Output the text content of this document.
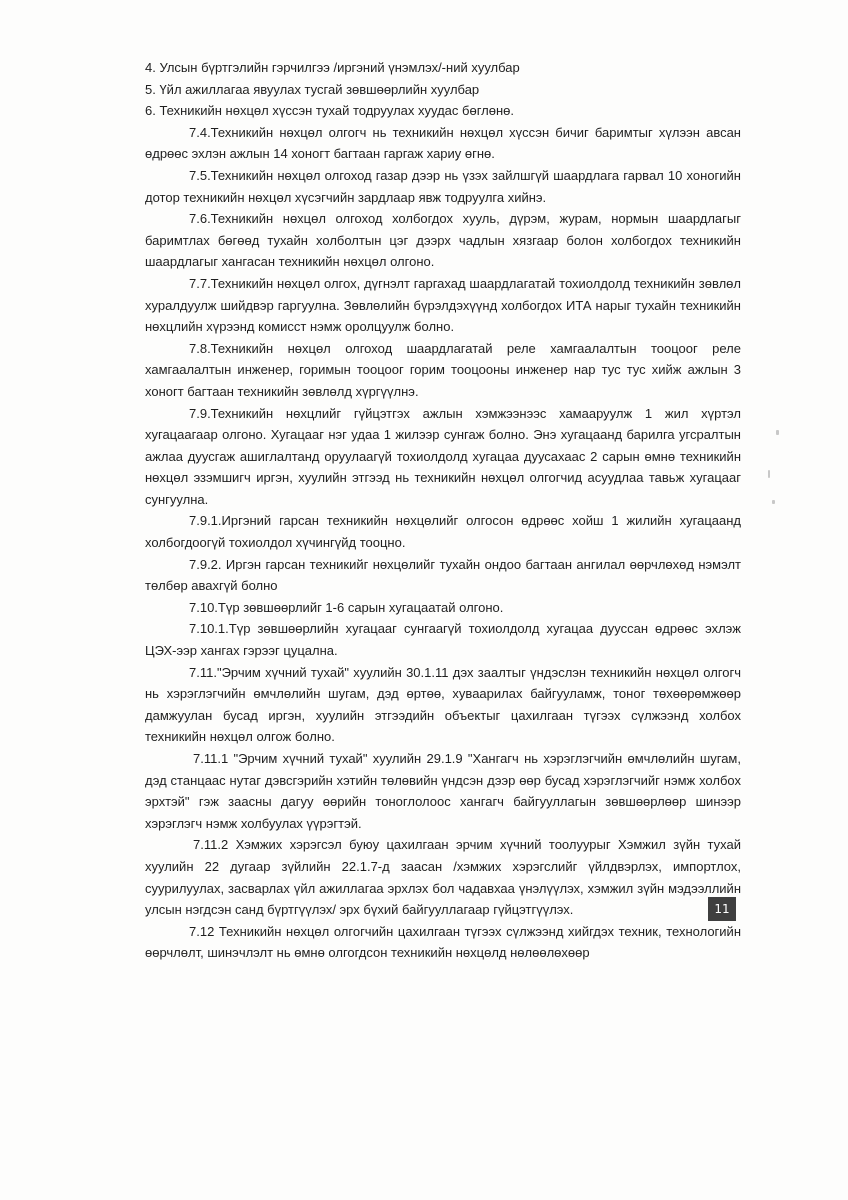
4. Улсын бүртгэлийн гэрчилгээ /иргэний үнэмлэх/-ний хуулбар

5. Үйл ажиллагаа явуулах тусгай зөвшөөрлийн хуулбар

6. Техникийн нөхцөл хүссэн тухай тодруулах хуудас бөглөнө.

7.4.Техникийн нөхцөл олгогч нь техникийн нөхцөл хүссэн бичиг баримтыг хүлээн авсан өдрөөс эхлэн ажлын 14 хоногт багтаан гаргаж хариу өгнө.

7.5.Техникийн нөхцөл олгоход газар дээр нь үзэх зайлшгүй шаардлага гарвал 10 хоногийн дотор техникийн нөхцөл хүсэгчийн зардлаар явж тодруулга хийнэ.

7.6.Техникийн нөхцөл олгоход холбогдох хууль, дүрэм, журам, нормын шаардлагыг баримтлах бөгөөд тухайн холболтын цэг дээрх чадлын хязгаар болон холбогдох техникийн шаардлагыг хангасан техникийн нөхцөл олгоно.

7.7.Техникийн нөхцөл олгох, дүгнэлт гаргахад шаардлагатай тохиолдолд техникийн зөвлөл хуралдуулж шийдвэр гаргуулна. Зөвлөлийн бүрэлдэхүүнд холбогдох ИТА нарыг тухайн техникийн нөхцлийн хүрээнд комисст нэмж оролцуулж болно.

7.8.Техникийн нөхцөл олгоход шаардлагатай реле хамгаалалтын тооцоог реле хамгаалалтын инженер, горимын тооцоог горим тооцооны инженер нар тус тус хийж ажлын 3 хоногт багтаан техникийн зөвлөлд хүргүүлнэ.

7.9.Техникийн нөхцлийг гүйцэтгэх ажлын хэмжээнээс хамааруулж 1 жил хүртэл хугацаагаар олгоно. Хугацааг нэг удаа 1 жилээр сунгаж болно. Энэ хугацаанд барилга угсралтын ажлаа дуусгаж ашиглалтанд оруулаагүй тохиолдолд хугацаа дуусахаас 2 сарын өмнө техникийн нөхцөл эзэмшигч иргэн, хуулийн этгээд нь техникийн нөхцөл олгогчид асуудлаа тавьж хугацааг сунгуулна.

7.9.1.Иргэний гарсан техникийн нөхцөлийг олгосон өдрөөс хойш 1 жилийн хугацаанд холбогдоогүй тохиолдол хүчингүйд тооцно.

7.9.2. Иргэн гарсан техникийг нөхцөлийг тухайн ондоо багтаан ангилал өөрчлөхөд нэмэлт төлбөр авахгүй болно

7.10.Түр зөвшөөрлийг 1-6 сарын хугацаатай олгоно.

7.10.1.Түр зөвшөөрлийн хугацааг сунгаагүй тохиолдолд хугацаа дууссан өдрөөс эхлэж ЦЭХ-ээр хангах гэрээг цуцална.

7.11."Эрчим хүчний тухай" хуулийн 30.1.11 дэх заалтыг үндэслэн техникийн нөхцөл олгогч нь хэрэглэгчийн өмчлөлийн шугам, дэд өртөө, хуваарилах байгууламж, тоног төхөөрөмжөөр дамжуулан бусад иргэн, хуулийн этгээдийн объектыг цахилгаан түгээх сүлжээнд холбох техникийн нөхцөл олгож болно.

7.11.1 "Эрчим хүчний тухай" хуулийн 29.1.9 "Хангагч нь хэрэглэгчийн өмчлөлийн шугам, дэд станцаас нутаг дэвсгэрийн хэтийн төлөвийн үндсэн дээр өөр бусад хэрэглэгчийг нэмж холбох эрхтэй" гэж заасны дагуу өөрийн тоноглолоос хангагч байгууллагын зөвшөөрлөөр шинээр хэрэглэгч нэмж холбуулах үүрэгтэй.

7.11.2 Хэмжих хэрэгсэл буюу цахилгаан эрчим хүчний тоолуурыг Хэмжил зүйн тухай хуулийн 22 дугаар зүйлийн 22.1.7-д заасан /хэмжих хэрэгслийг үйлдвэрлэх, импортлох, суурилуулах, засварлах үйл ажиллагаа эрхлэх бол чадавхаа үнэлүүлэх, хэмжил зүйн мэдээллийн улсын нэгдсэн санд бүртгүүлэх/ эрх бүхий байгууллагаар гүйцэтгүүлэх.

7.12 Техникийн нөхцөл олгогчийн цахилгаан түгээх сүлжээнд хийгдэх техник, технологийн өөрчлөлт, шинэчлэлт нь өмнө олгогдсон техникийн нөхцөлд нөлөөлөхөөр

11
